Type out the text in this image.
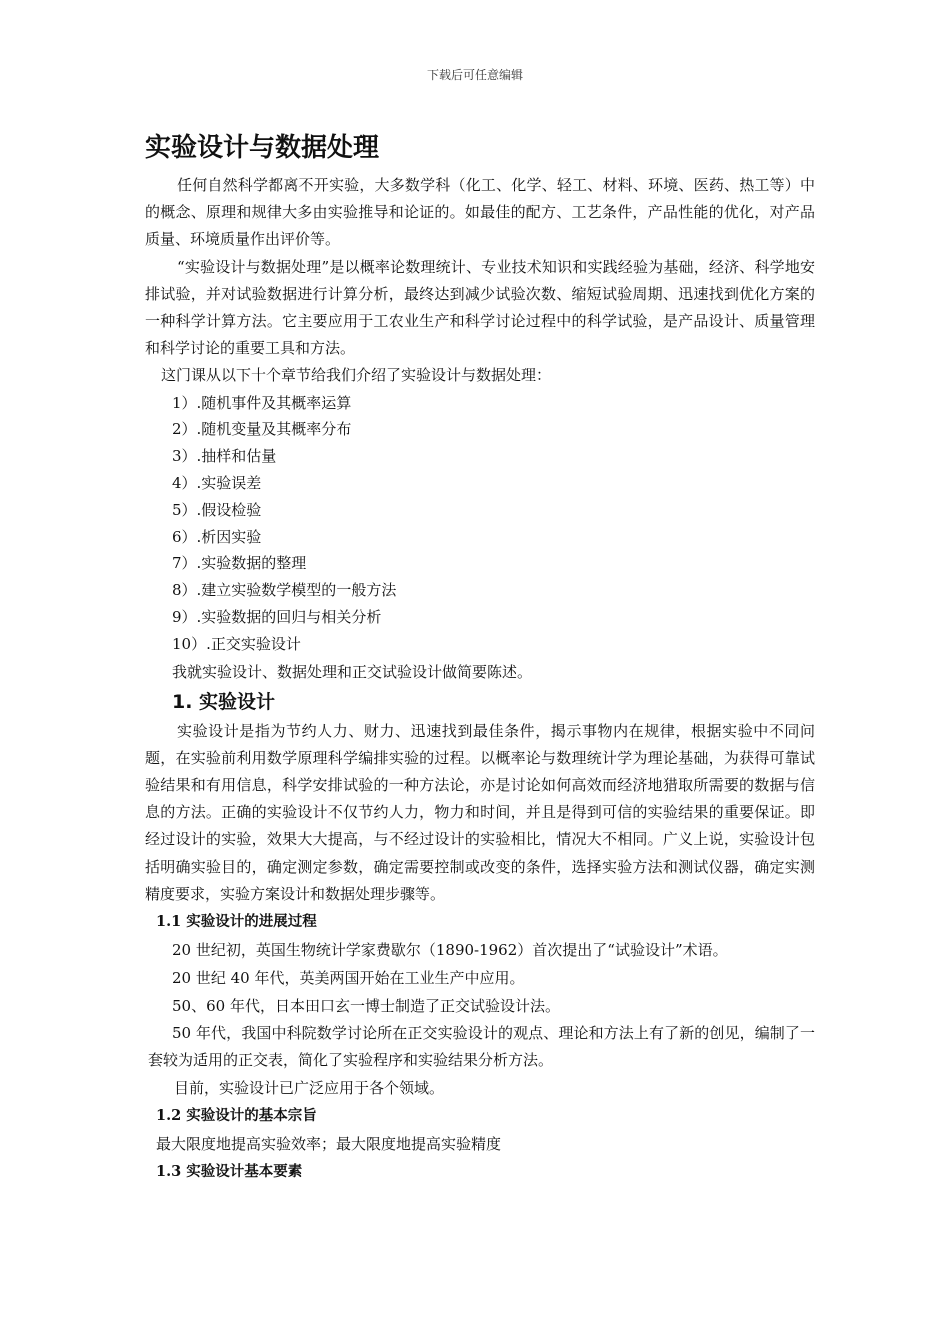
下载后可任意编辑
实验设计与数据处理

任何自然科学都离不开实验，大多数学科（化工、化学、轻工、材料、环境、医药、热工等）中的概念、原理和规律大多由实验推导和论证的。如最佳的配方、工艺条件，产品性能的优化，对产品质量、环境质量作出评价等。

“实验设计与数据处理”是以概率论数理统计、专业技术知识和实践经验为基础，经济、科学地安排试验，并对试验数据进行计算分析，最终达到减少试验次数、缩短试验周期、迅速找到优化方案的一种科学计算方法。它主要应用于工农业生产和科学讨论过程中的科学试验，是产品设计、质量管理和科学讨论的重要工具和方法。

这门课从以下十个章节给我们介绍了实验设计与数据处理：

1）.随机事件及其概率运算
2）.随机变量及其概率分布
3）.抽样和估量
4）.实验误差
5）.假设检验
6）.析因实验
7）.实验数据的整理
8）.建立实验数学模型的一般方法
9）.实验数据的回归与相关分析
10）.正交实验设计

我就实验设计、数据处理和正交试验设计做简要陈述。

1. 实验设计

实验设计是指为节约人力、财力、迅速找到最佳条件，揭示事物内在规律，根据实验中不同问题，在实验前利用数学原理科学编排实验的过程。以概率论与数理统计学为理论基础，为获得可靠试验结果和有用信息，科学安排试验的一种方法论，亦是讨论如何高效而经济地猎取所需要的数据与信息的方法。正确的实验设计不仅节约人力，物力和时间，并且是得到可信的实验结果的重要保证。即经过设计的实验，效果大大提高，与不经过设计的实验相比，情况大不相同。广义上说，实验设计包括明确实验目的，确定测定参数，确定需要控制或改变的条件，选择实验方法和测试仪器，确定实测精度要求，实验方案设计和数据处理步骤等。

1.1 实验设计的进展过程

20 世纪初，英国生物统计学家费歇尔（1890-1962）首次提出了“试验设计”术语。

20 世纪 40 年代，英美两国开始在工业生产中应用。

50、60 年代，日本田口玄一博士制造了正交试验设计法。

50 年代，我国中科院数学讨论所在正交实验设计的观点、理论和方法上有了新的创见，编制了一套较为适用的正交表，简化了实验程序和实验结果分析方法。

目前，实验设计已广泛应用于各个领域。

1.2 实验设计的基本宗旨

最大限度地提高实验效率；最大限度地提高实验精度

1.3 实验设计基本要素
